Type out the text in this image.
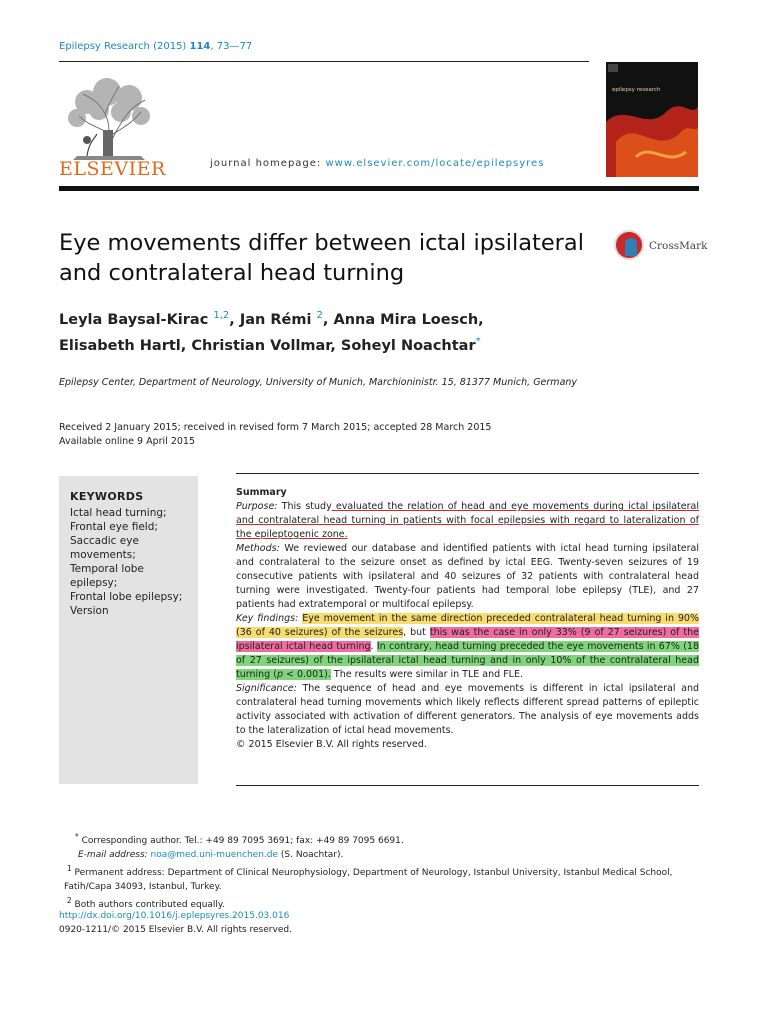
Epilepsy Research (2015) 114, 73—77
ELSEVIER	journal homepage: www.elsevier.com/locate/epilepsyres
epilepsy research
Eye movements differ between ictal ipsilateral and contralateral head turning
CrossMark
Leyla Baysal-Kirac $^{1,2}$, Jan Rémi $^2$, Anna Mira Loesch,
Elisabeth Hartl, Christian Vollmar, Soheyl Noachtar*
Epilepsy Center, Department of Neurology, University of Munich, Marchioninistr. 15, 81377 Munich, Germany
Received 2 January 2015; received in revised form 7 March 2015; accepted 28 March 2015
Available online 9 April 2015
KEYWORDS
Ictal head turning;
Frontal eye field;
Saccadic eye movements;
Temporal lobe epilepsy;
Frontal lobe epilepsy;
Version
Summary
Purpose: This study evaluated the relation of head and eye movements during ictal ipsilateral and contralateral head turning in patients with focal epilepsies with regard to lateralization of the epileptogenic zone.
Methods: We reviewed our database and identified patients with ictal head turning ipsilateral and contralateral to the seizure onset as defined by ictal EEG. Twenty-seven seizures of 19 consecutive patients with ipsilateral and 40 seizures of 32 patients with contralateral head turning were investigated. Twenty-four patients had temporal lobe epilepsy (TLE), and 27 patients had extratemporal or multifocal epilepsy.
Key findings: Eye movement in the same direction preceded contralateral head turning in 90% (36 of 40 seizures) of the seizures, but this was the case in only 33% (9 of 27 seizures) of the ipsilateral ictal head turning. In contrary, head turning preceded the eye movements in 67% (18 of 27 seizures) of the ipsilateral ictal head turning and in only 10% of the contralateral head turning (p < 0.001). The results were similar in TLE and FLE.
Significance: The sequence of head and eye movements is different in ictal ipsilateral and contralateral head turning movements which likely reflects different spread patterns of epileptic activity associated with activation of different generators. The analysis of eye movements adds to the lateralization of ictal head movements.
© 2015 Elsevier B.V. All rights reserved.
* Corresponding author. Tel.: +49 89 7095 3691; fax: +49 89 7095 6691.
E-mail address: noa@med.uni-muenchen.de (S. Noachtar).
$^1$ Permanent address: Department of Clinical Neurophysiology, Department of Neurology, Istanbul University, Istanbul Medical School, Fatih/Capa 34093, Istanbul, Turkey.
$^2$ Both authors contributed equally.
http://dx.doi.org/10.1016/j.eplepsyres.2015.03.016
0920-1211/© 2015 Elsevier B.V. All rights reserved.
